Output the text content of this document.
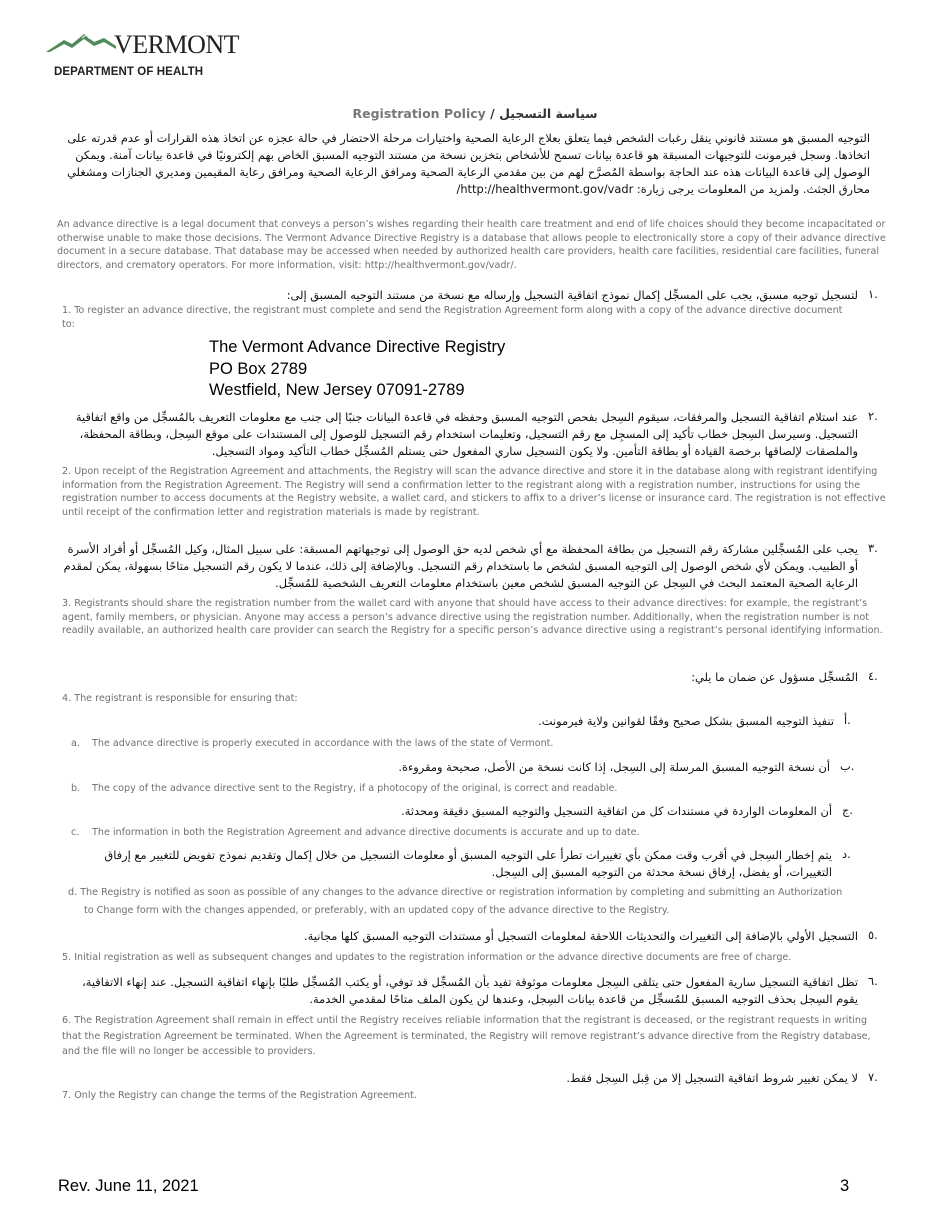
VERMONT
DEPARTMENT OF HEALTH
Registration Policy / سياسة التسجيل
التوجيه المسبق هو مستند قانوني ينقل رغبات الشخص فيما يتعلق بعلاج الرعاية الصحية واختيارات مرحلة الاحتضار في حالة عجزه عن اتخاذ هذه القرارات أو عدم قدرته على اتخاذها. وسجل فيرمونت للتوجيهات المسبقة هو قاعدة بيانات تسمح للأشخاص بتخزين نسخة من مستند التوجيه المسبق الخاص بهم إلكترونيًا في قاعدة بيانات آمنة. ويمكن الوصول إلى قاعدة البيانات هذه عند الحاجة بواسطة المُصرَّح لهم من بين مقدمي الرعاية الصحية ومرافق الرعاية الصحية ومرافق رعاية المقيمين ومديري الجنازات ومشغلي محارق الجثث. ولمزيد من المعلومات يرجى زيارة: http://healthvermont.gov/vadr/
An advance directive is a legal document that conveys a person’s wishes regarding their health care treatment and end of life choices should they become incapacitated or otherwise unable to make those decisions. The Vermont Advance Directive Registry is a database that allows people to electronically store a copy of their advance directive document in a secure database. That database may be accessed when needed by authorized health care providers, health care facilities, residential care facilities, funeral directors, and crematory operators. For more information, visit: http://healthvermont.gov/vadr/.
١.
لتسجيل توجيه مسبق، يجب على المسجِّل إكمال نموذج اتفاقية التسجيل وإرساله مع نسخة من مستند التوجيه المسبق إلى:
1. To register an advance directive, the registrant must complete and send the Registration Agreement form along with a copy of the advance directive document to:
The Vermont Advance Directive Registry
PO Box 2789
Westfield, New Jersey 07091-2789
٢.
عند استلام اتفاقية التسجيل والمرفقات، سيقوم السِجل بفحص التوجيه المسبق وحفظه في قاعدة البيانات جنبًا إلى جنب مع معلومات التعريف بالمُسجِّل من واقع اتفاقية التسجيل. وسيرسل السِجل خطاب تأكيد إلى المسجِل مع رقم التسجيل، وتعليمات استخدام رقم التسجيل للوصول إلى المستندات على موقع السِجل، وبطاقة المحفظة، والملصقات لإلصاقها برخصة القيادة أو بطاقة التأمين. ولا يكون التسجيل ساري المفعول حتى يستلم المُسجِّل خطاب التأكيد ومواد التسجيل.
2. Upon receipt of the Registration Agreement and attachments, the Registry will scan the advance directive and store it in the database along with registrant identifying information from the Registration Agreement. The Registry will send a confirmation letter to the registrant along with a registration number, instructions for using the registration number to access documents at the Registry website, a wallet card, and stickers to affix to a driver’s license or insurance card. The registration is not effective until receipt of the confirmation letter and registration materials is made by registrant.
٣.
يجب على المُسجِّلين مشاركة رقم التسجيل من بطاقة المحفظة مع أي شخص لديه حق الوصول إلى توجيهاتهم المسبقة: على سبيل المثال، وكيل المُسجِّل أو أفراد الأسرة أو الطبيب. ويمكن لأي شخص الوصول إلى التوجيه المسبق لشخص ما باستخدام رقم التسجيل. وبالإضافة إلى ذلك، عندما لا يكون رقم التسجيل متاحًا بسهولة، يمكن لمقدم الرعاية الصحية المعتمد البحث في السِجل عن التوجيه المسبق لشخص معين باستخدام معلومات التعريف الشخصية للمُسجِّل.
3. Registrants should share the registration number from the wallet card with anyone that should have access to their advance directives: for example, the registrant’s agent, family members, or physician. Anyone may access a person’s advance directive using the registration number. Additionally, when the registration number is not readily available, an authorized health care provider can search the Registry for a specific person’s advance directive using a registrant’s personal identifying information.
٤.
المُسجِّل مسؤول عن ضمان ما يلي:
4. The registrant is responsible for ensuring that:
أ.
تنفيذ التوجيه المسبق بشكل صحيح وفقًا لقوانين ولاية فيرمونت.
a. The advance directive is properly executed in accordance with the laws of the state of Vermont.
ب.
أن نسخة التوجيه المسبق المرسلة إلى السِجل، إذا كانت نسخة من الأصل، صحيحة ومقروءة.
b. The copy of the advance directive sent to the Registry, if a photocopy of the original, is correct and readable.
ج.
أن المعلومات الواردة في مستندات كل من اتفاقية التسجيل والتوجيه المسبق دقيقة ومحدثة.
c. The information in both the Registration Agreement and advance directive documents is accurate and up to date.
د.
يتم إخطار السِجل في أقرب وقت ممكن بأي تغييرات تطرأ على التوجيه المسبق أو معلومات التسجيل من خلال إكمال وتقديم نموذج تفويض للتغيير مع إرفاق التغييرات، أو يفضل، إرفاق نسخة محدثة من التوجيه المسبق إلى السِجل.
d. The Registry is notified as soon as possible of any changes to the advance directive or registration information by completing and submitting an Authorization to Change form with the changes appended, or preferably, with an updated copy of the advance directive to the Registry.
٥.
التسجيل الأولي بالإضافة إلى التغييرات والتحديثات اللاحقة لمعلومات التسجيل أو مستندات التوجيه المسبق كلها مجانية.
5. Initial registration as well as subsequent changes and updates to the registration information or the advance directive documents are free of charge.
٦.
تظل اتفاقية التسجيل سارية المفعول حتى يتلقى السِجل معلومات موثوقة تفيد بأن المُسجِّل قد توفي، أو يكتب المُسجِّل طلبًا بإنهاء اتفاقية التسجيل. عند إنهاء الاتفاقية، يقوم السِجل بحذف التوجيه المسبق للمُسجِّل من قاعدة بيانات السِجل، وعندها لن يكون الملف متاحًا لمقدمي الخدمة.
6. The Registration Agreement shall remain in effect until the Registry receives reliable information that the registrant is deceased, or the registrant requests in writing that the Registration Agreement be terminated. When the Agreement is terminated, the Registry will remove registrant’s advance directive from the Registry database, and the file will no longer be accessible to providers.
٧.
لا يمكن تغيير شروط اتفاقية التسجيل إلا من قِبل السِجل فقط.
7. Only the Registry can change the terms of the Registration Agreement.
Rev. June 11, 2021	3
